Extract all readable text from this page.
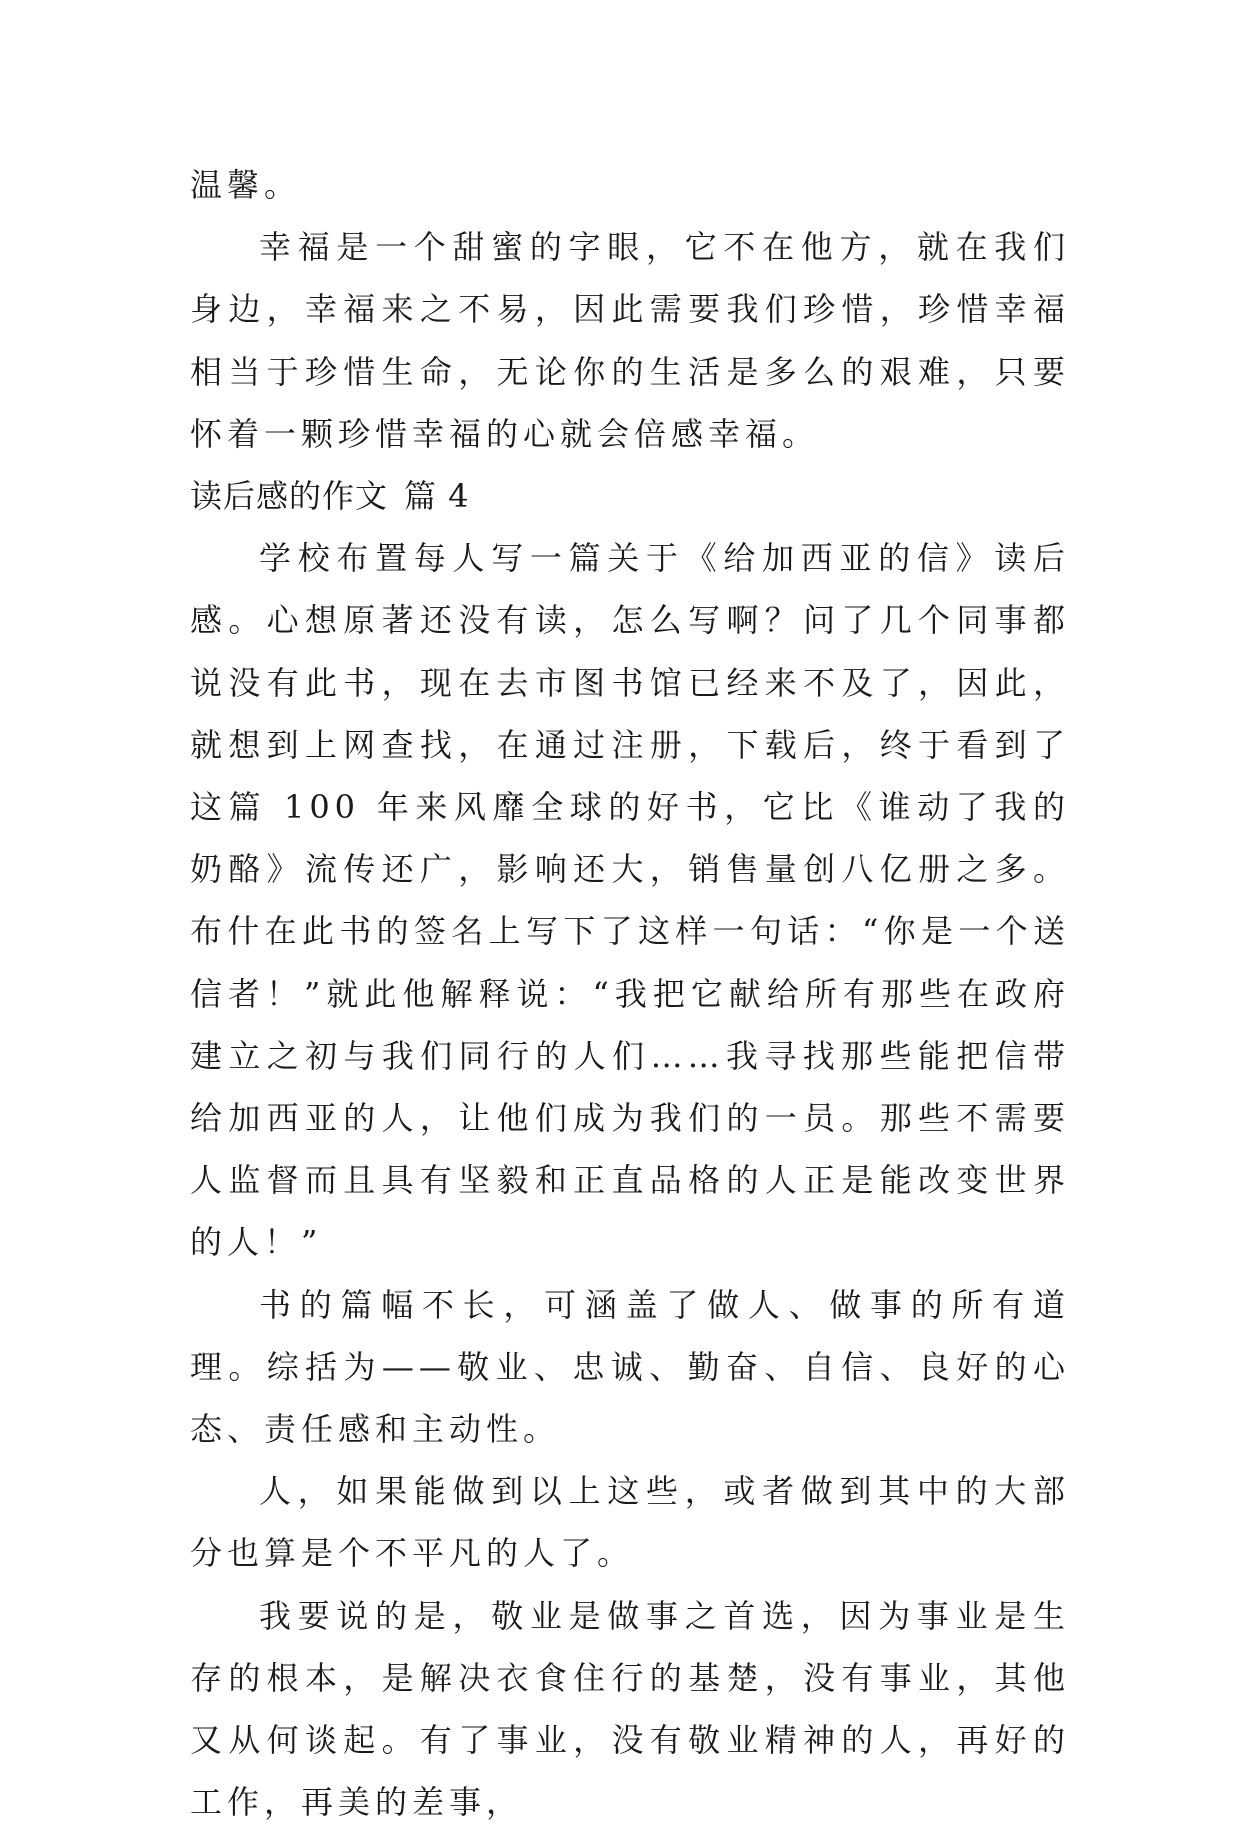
温馨。

幸福是一个甜蜜的字眼，它不在他方，就在我们身边，幸福来之不易，因此需要我们珍惜，珍惜幸福相当于珍惜生命，无论你的生活是多么的艰难，只要怀着一颗珍惜幸福的心就会倍感幸福。

读后感的作文 篇 4

学校布置每人写一篇关于《给加西亚的信》读后感。心想原著还没有读，怎么写啊？问了几个同事都说没有此书，现在去市图书馆已经来不及了，因此，就想到上网查找，在通过注册，下载后，终于看到了这篇 100 年来风靡全球的好书，它比《谁动了我的奶酪》流传还广，影响还大，销售量创八亿册之多。布什在此书的签名上写下了这样一句话：“你是一个送信者！”就此他解释说：“我把它献给所有那些在政府建立之初与我们同行的人们……我寻找那些能把信带给加西亚的人，让他们成为我们的一员。那些不需要人监督而且具有坚毅和正直品格的人正是能改变世界的人！”

书的篇幅不长，可涵盖了做人、做事的所有道理。综括为——敬业、忠诚、勤奋、自信、良好的心态、责任感和主动性。

人，如果能做到以上这些，或者做到其中的大部分也算是个不平凡的人了。

我要说的是，敬业是做事之首选，因为事业是生存的根本，是解决衣食住行的基楚，没有事业，其他又从何谈起。有了事业，没有敬业精神的人，再好的工作，再美的差事，
